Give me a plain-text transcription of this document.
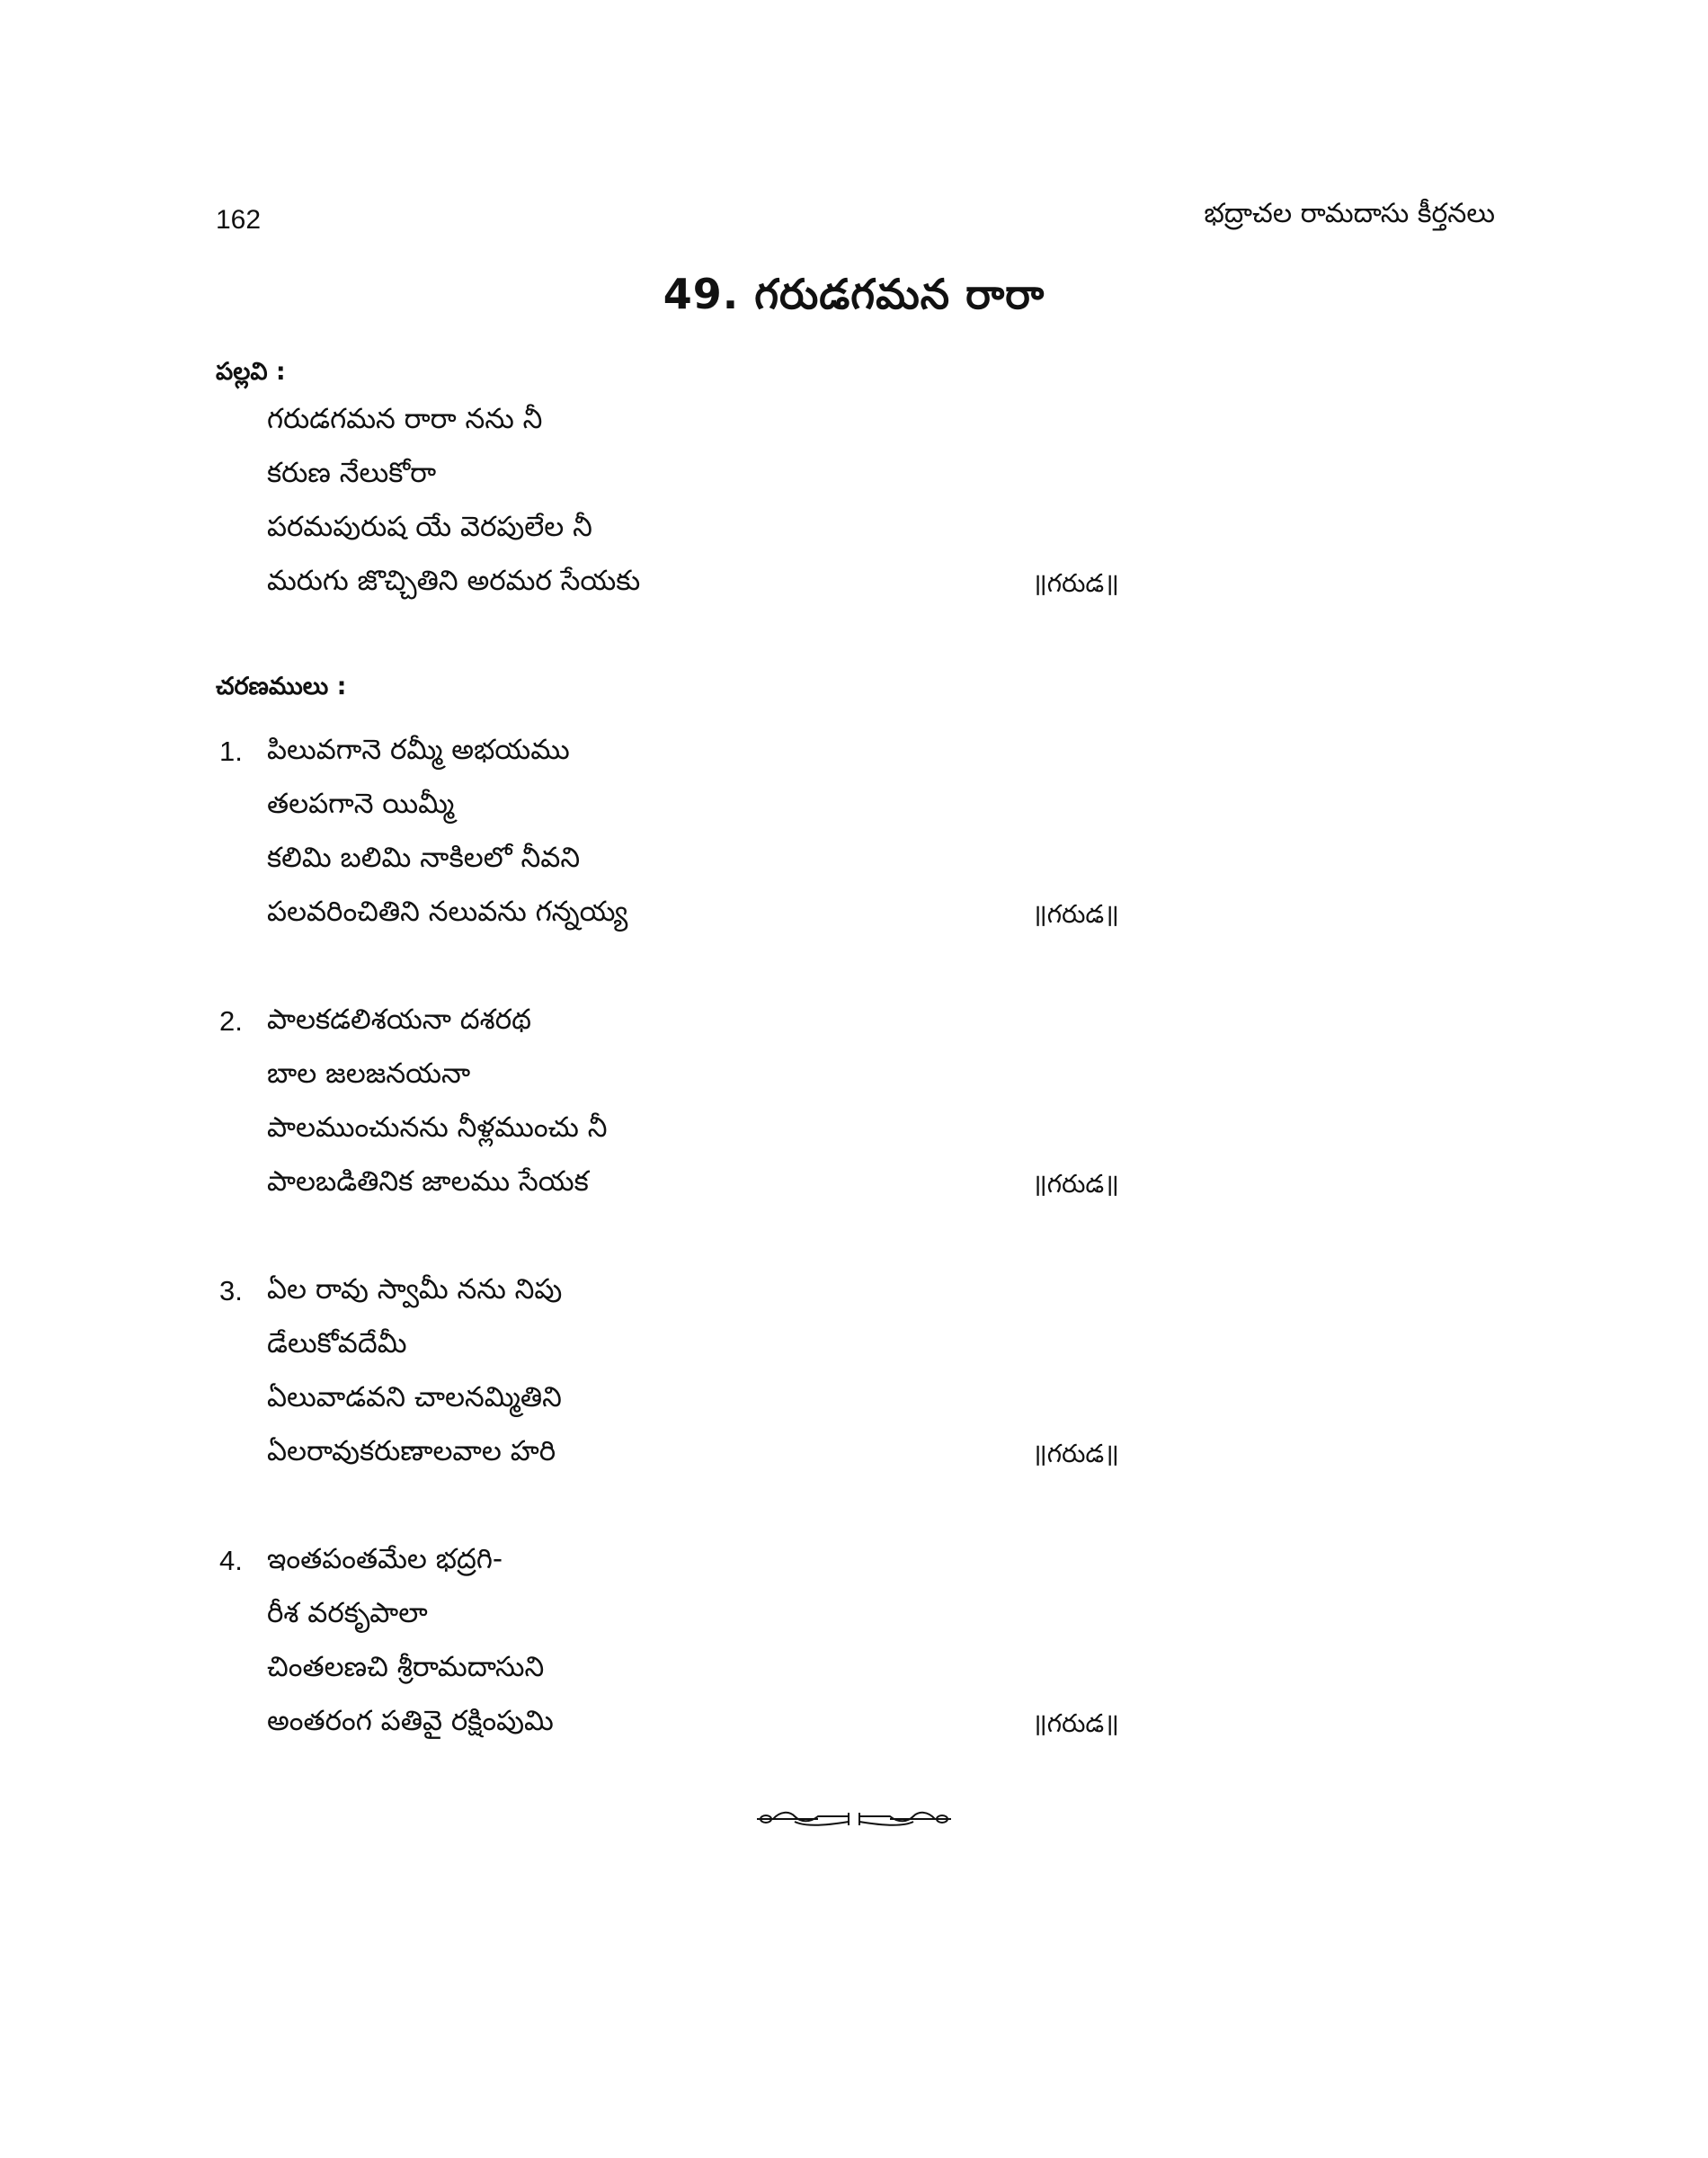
162	భద్రాచల రామదాసు కీర్తనలు
49. గరుడగమన రారా
పల్లవి :
గరుడగమన రారా నను నీ
కరుణ నేలుకోరా
పరమపురుష యే వెరపులేల నీ
మరుగు జొచ్చితిని అరమర సేయకు	॥గరుడ॥
చరణములు :
1. పిలువగానె రమ్మీ అభయము
తలపగానె యిమ్మీ
కలిమి బలిమి నాకిలలో నీవని
పలవరించితిని నలువను గన్నయ్య	॥గరుడ॥
2. పాలకడలిశయనా దశరథ
బాల జలజనయనా
పాలముంచునను నీళ్లముంచు నీ
పాలబడితినిక జాలము సేయక	॥గరుడ॥
3. ఏల రావు స్వామీ నను నిపు
డేలుకోవదేమీ
ఏలువాడవని చాలనమ్మితిని
ఏలరావుకరుణాలవాల హరి	॥గరుడ॥
4. ఇంతపంతమేల భద్రగి-
రీశ వరకృపాలా
చింతలణచి శ్రీరామదాసుని
అంతరంగ పతివై రక్షింపుమి	॥గరుడ॥
